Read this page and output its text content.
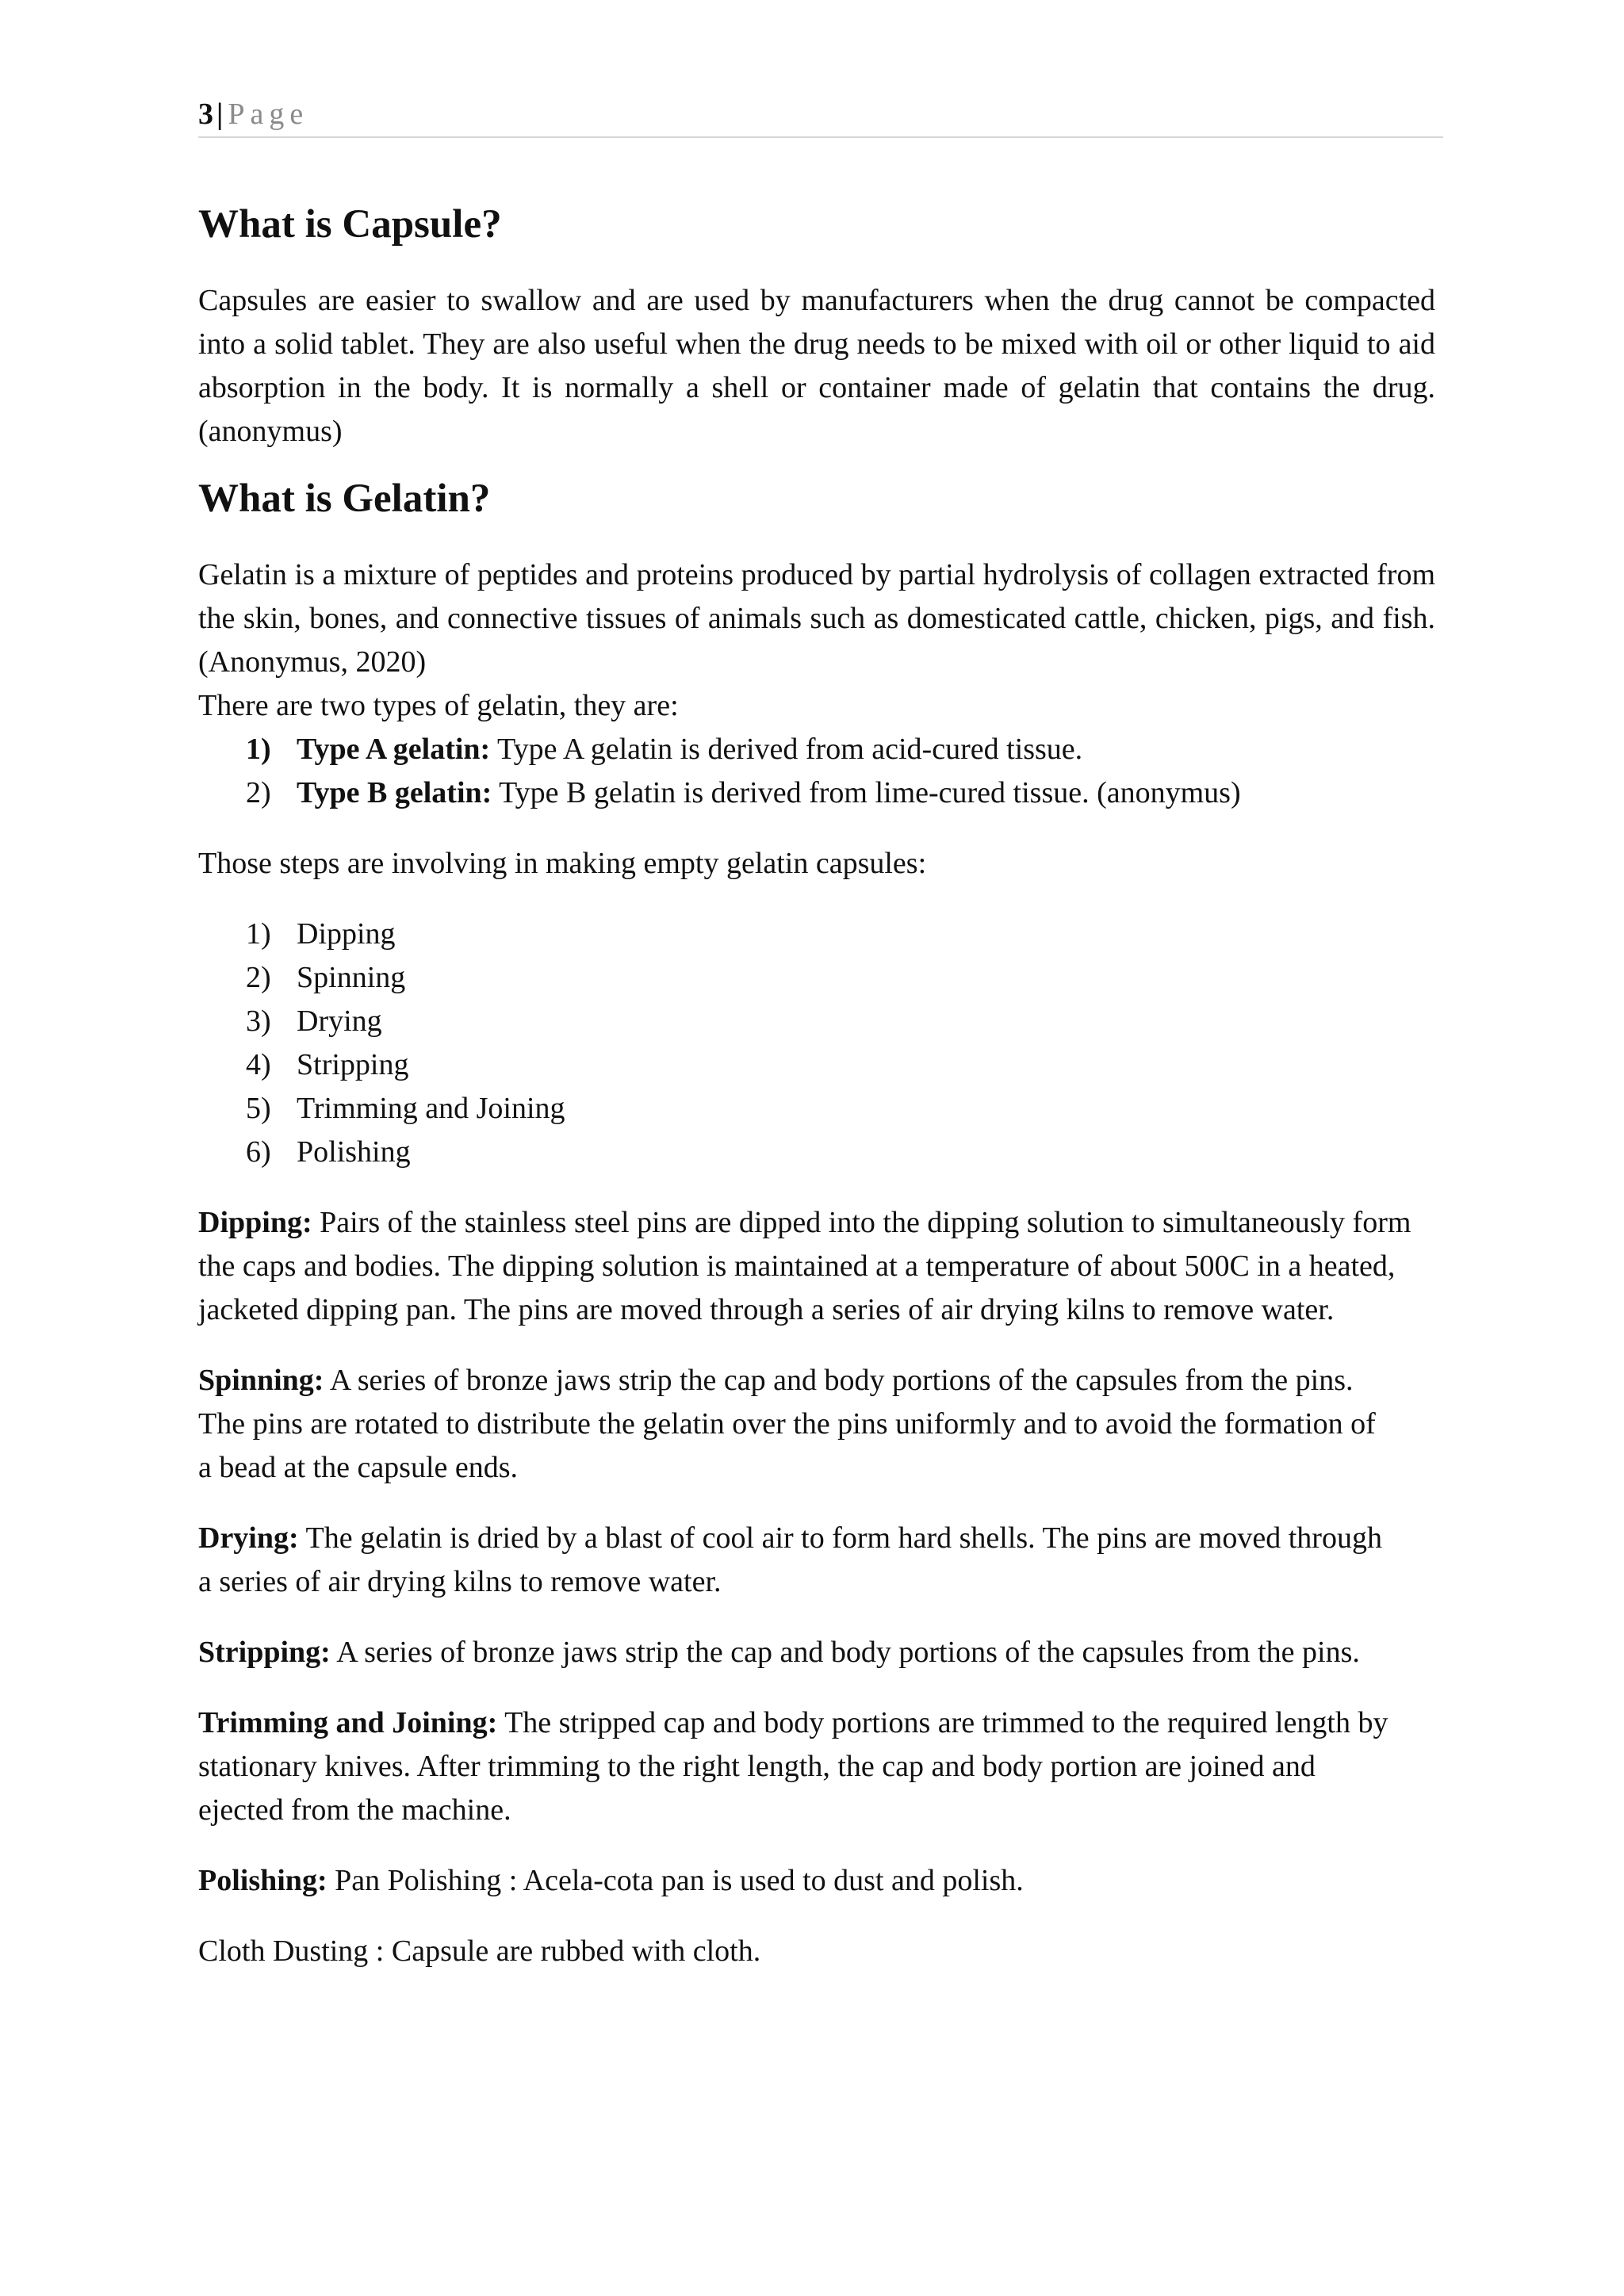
3 | Page
What is Capsule?

Capsules are easier to swallow and are used by manufacturers when the drug cannot be compacted into a solid tablet. They are also useful when the drug needs to be mixed with oil or other liquid to aid absorption in the body. It is normally a shell or container made of gelatin that contains the drug. (anonymus)

What is Gelatin?

Gelatin is a mixture of peptides and proteins produced by partial hydrolysis of collagen extracted from the skin, bones, and connective tissues of animals such as domesticated cattle, chicken, pigs, and fish. (Anonymus, 2020)

There are two types of gelatin, they are:

1) Type A gelatin: Type A gelatin is derived from acid-cured tissue.
2) Type B gelatin: Type B gelatin is derived from lime-cured tissue. (anonymus)

Those steps are involving in making empty gelatin capsules:

1) Dipping
2) Spinning
3) Drying
4) Stripping
5) Trimming and Joining
6) Polishing

Dipping: Pairs of the stainless steel pins are dipped into the dipping solution to simultaneously form the caps and bodies. The dipping solution is maintained at a temperature of about 500C in a heated, jacketed dipping pan. The pins are moved through a series of air drying kilns to remove water.

Spinning: A series of bronze jaws strip the cap and body portions of the capsules from the pins. The pins are rotated to distribute the gelatin over the pins uniformly and to avoid the formation of a bead at the capsule ends.

Drying: The gelatin is dried by a blast of cool air to form hard shells. The pins are moved through a series of air drying kilns to remove water.

Stripping: A series of bronze jaws strip the cap and body portions of the capsules from the pins.

Trimming and Joining: The stripped cap and body portions are trimmed to the required length by stationary knives. After trimming to the right length, the cap and body portion are joined and ejected from the machine.

Polishing: Pan Polishing : Acela-cota pan is used to dust and polish.

Cloth Dusting : Capsule are rubbed with cloth.
